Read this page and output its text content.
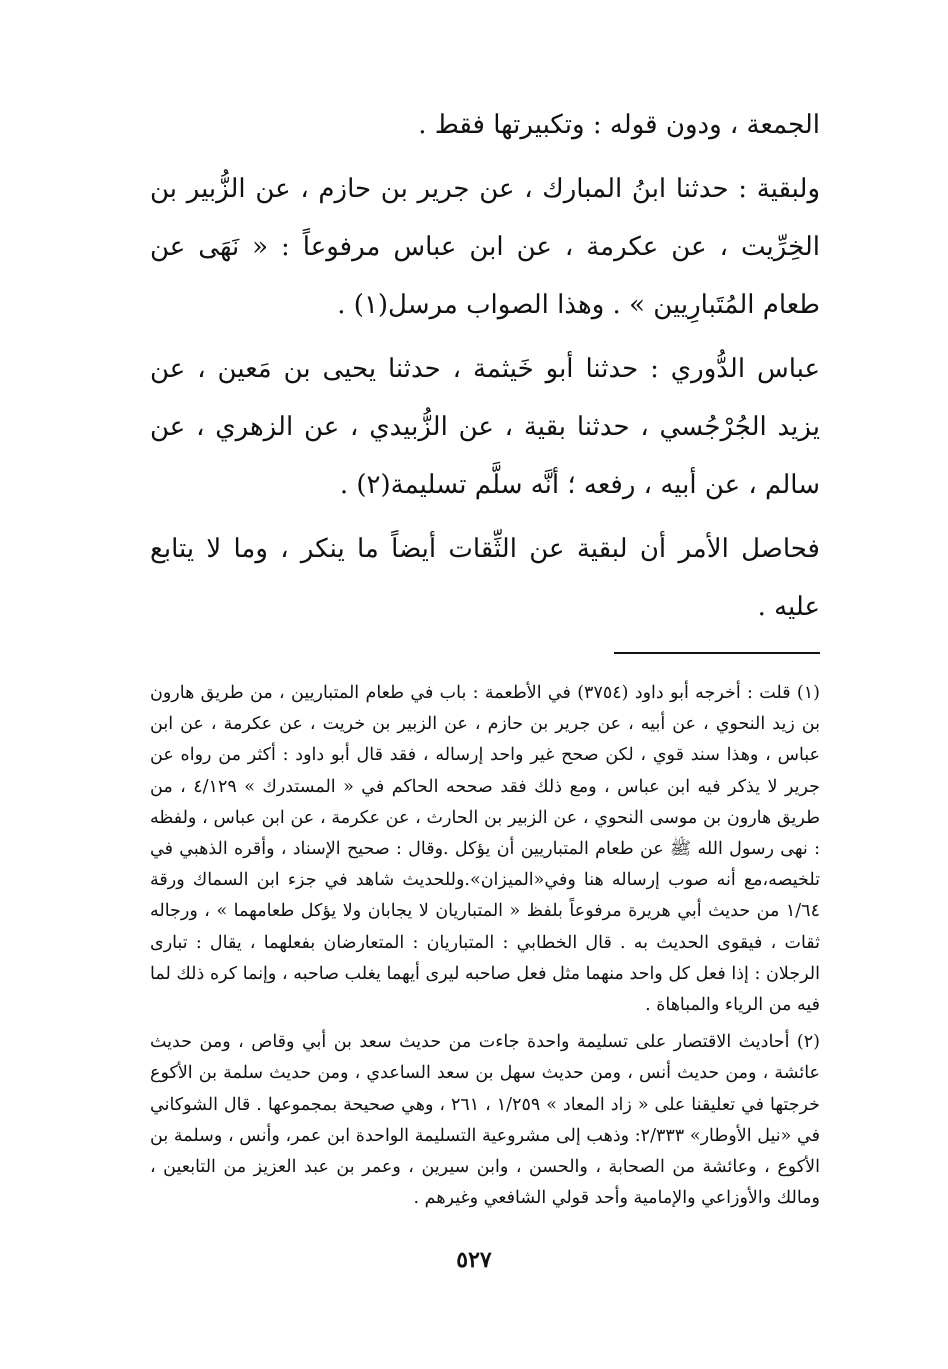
الجمعة ، ودون قوله : وتكبيرتها فقط .

ولبقية : حدثنا ابنُ المبارك ، عن جرير بن حازم ، عن الزُّبير بن الخِرِّيت ، عن عكرمة ، عن ابن عباس مرفوعاً : « نَهَى عن طعام المُتَبارِيين » . وهذا الصواب مرسل(١) .

عباس الدُّوري : حدثنا أبو خَيثمة ، حدثنا يحيى بن مَعين ، عن يزيد الجُرْجُسي ، حدثنا بقية ، عن الزُّبيدي ، عن الزهري ، عن سالم ، عن أبيه ، رفعه ؛ أنَّه سلَّم تسليمة(٢) .

فحاصل الأمر أن لبقية عن الثِّقات أيضاً ما ينكر ، وما لا يتابع عليه .

(١) قلت : أخرجه أبو داود (٣٧٥٤) في الأطعمة : باب في طعام المتباريين ، من طريق هارون بن زيد النحوي ، عن أبيه ، عن جرير بن حازم ، عن الزبير بن خريت ، عن عكرمة ، عن ابن عباس ، وهذا سند قوي ، لكن صحح غير واحد إرساله ، فقد قال أبو داود : أكثر من رواه عن جرير لا يذكر فيه ابن عباس ، ومع ذلك فقد صححه الحاكم في « المستدرك » ٤/١٢٩ ، من طريق هارون بن موسى النحوي ، عن الزبير بن الحارث ، عن عكرمة ، عن ابن عباس ، ولفظه : نهى رسول الله ﷺ عن طعام المتباريين أن يؤكل .وقال : صحيح الإسناد ، وأقره الذهبي في تلخيصه،مع أنه صوب إرساله هنا وفي«الميزان».وللحديث شاهد في جزء ابن السماك ورقة ١/٦٤ من حديث أبي هريرة مرفوعاً بلفظ « المتباريان لا يجابان ولا يؤكل طعامهما » ، ورجاله ثقات ، فيقوى الحديث به . قال الخطابي : المتباريان : المتعارضان بفعلهما ، يقال : تبارى الرجلان : إذا فعل كل واحد منهما مثل فعل صاحبه ليرى أيهما يغلب صاحبه ، وإنما كره ذلك لما فيه من الرياء والمباهاة .

(٢) أحاديث الاقتصار على تسليمة واحدة جاءت من حديث سعد بن أبي وقاص ، ومن حديث عائشة ، ومن حديث أنس ، ومن حديث سهل بن سعد الساعدي ، ومن حديث سلمة بن الأكوع خرجتها في تعليقنا على « زاد المعاد » ١/٢٥٩ ، ٢٦١ ، وهي صحيحة بمجموعها . قال الشوكاني في «نيل الأوطار» ٢/٣٣٣: وذهب إلى مشروعية التسليمة الواحدة ابن عمر، وأنس ، وسلمة بن الأكوع ، وعائشة من الصحابة ، والحسن ، وابن سيرين ، وعمر بن عبد العزيز من التابعين ، ومالك والأوزاعي والإمامية وأحد قولي الشافعي وغيرهم .

٥٢٧
